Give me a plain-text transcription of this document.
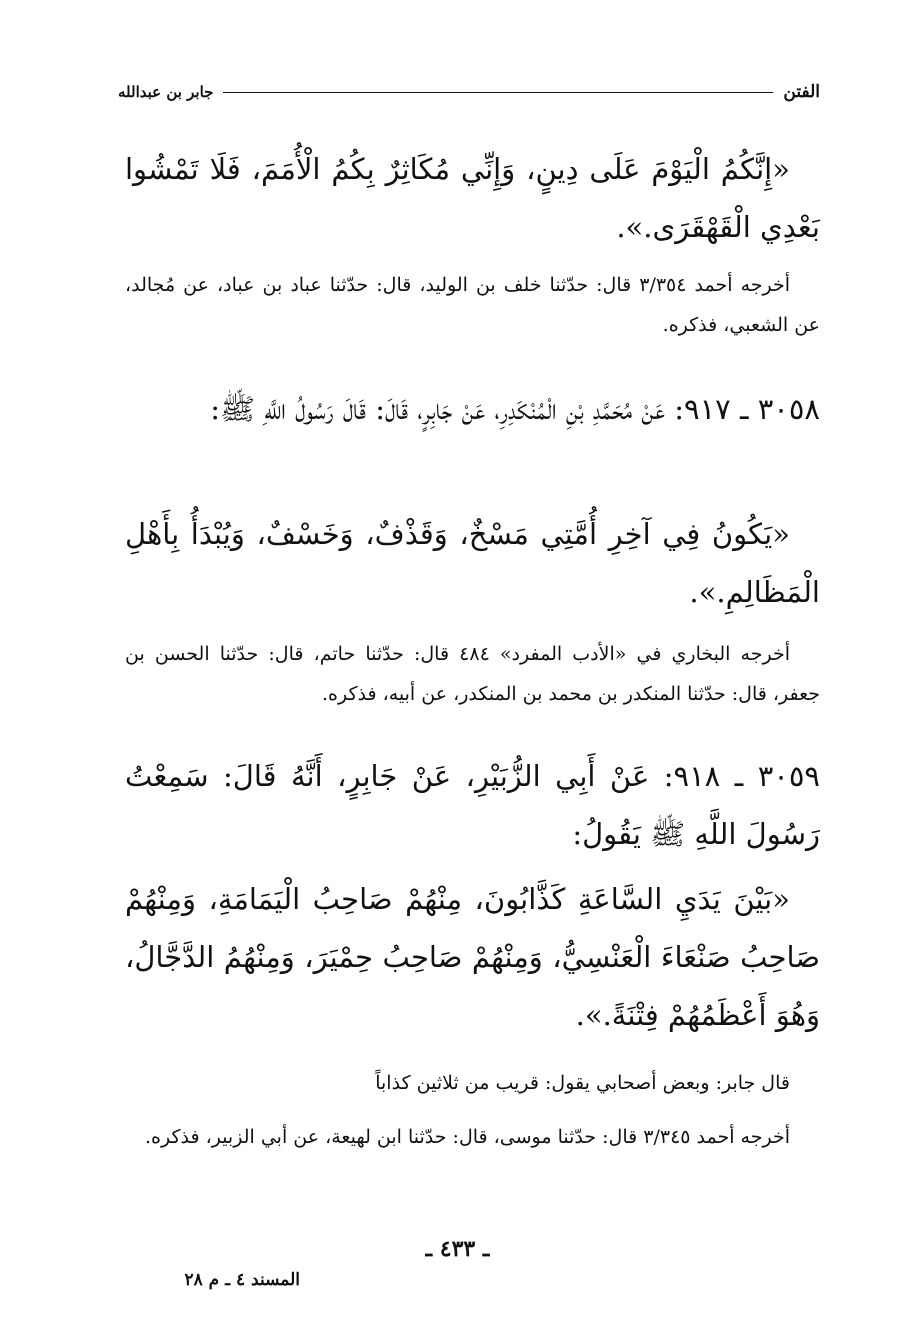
الفتن
جابر بن عبدالله
«إِنَّكُمُ الْيَوْمَ عَلَى دِينٍ، وَإِنِّي مُكَاثِرٌ بِكُمُ الْأُمَمَ، فَلَا تَمْشُوا بَعْدِي الْقَهْقَرَى.».
أخرجه أحمد ٣/٣٥٤ قال: حدّثنا خلف بن الوليد، قال: حدّثنا عباد بن عباد، عن مُجالد، عن الشعبي، فذكره.
٣٠٥٨ ـ ٩١٧: عَنْ مُحَمَّدِ بْنِ الْمُنْكَدِرِ، عَنْ جَابِرٍ، قَالَ: قَالَ رَسُولُ اللَّهِ ﷺ:
«يَكُونُ فِي آخِرِ أُمَّتِي مَسْخٌ، وَقَذْفٌ، وَخَسْفٌ، وَيُبْدَأُ بِأَهْلِ الْمَظَالِمِ.».
أخرجه البخاري في «الأدب المفرد» ٤٨٤ قال: حدّثنا حاتم، قال: حدّثنا الحسن بن جعفر، قال: حدّثنا المنكدر بن محمد بن المنكدر، عن أبيه، فذكره.
٣٠٥٩ ـ ٩١٨: عَنْ أَبِي الزُّبَيْرِ، عَنْ جَابِرٍ، أَنَّهُ قَالَ: سَمِعْتُ رَسُولَ اللَّهِ ﷺ يَقُولُ:
«بَيْنَ يَدَيِ السَّاعَةِ كَذَّابُونَ، مِنْهُمْ صَاحِبُ الْيَمَامَةِ، وَمِنْهُمْ صَاحِبُ صَنْعَاءَ الْعَنْسِيُّ، وَمِنْهُمْ صَاحِبُ حِمْيَرَ، وَمِنْهُمُ الدَّجَّالُ، وَهُوَ أَعْظَمُهُمْ فِتْنَةً.».
قال جابر: وبعض أصحابي يقول: قريب من ثلاثين كذاباً
أخرجه أحمد ٣/٣٤٥ قال: حدّثنا موسى، قال: حدّثنا ابن لهيعة، عن أبي الزبير، فذكره.
ـ ٤٣٣ ـ
المسند ٤ ـ م ٢٨
